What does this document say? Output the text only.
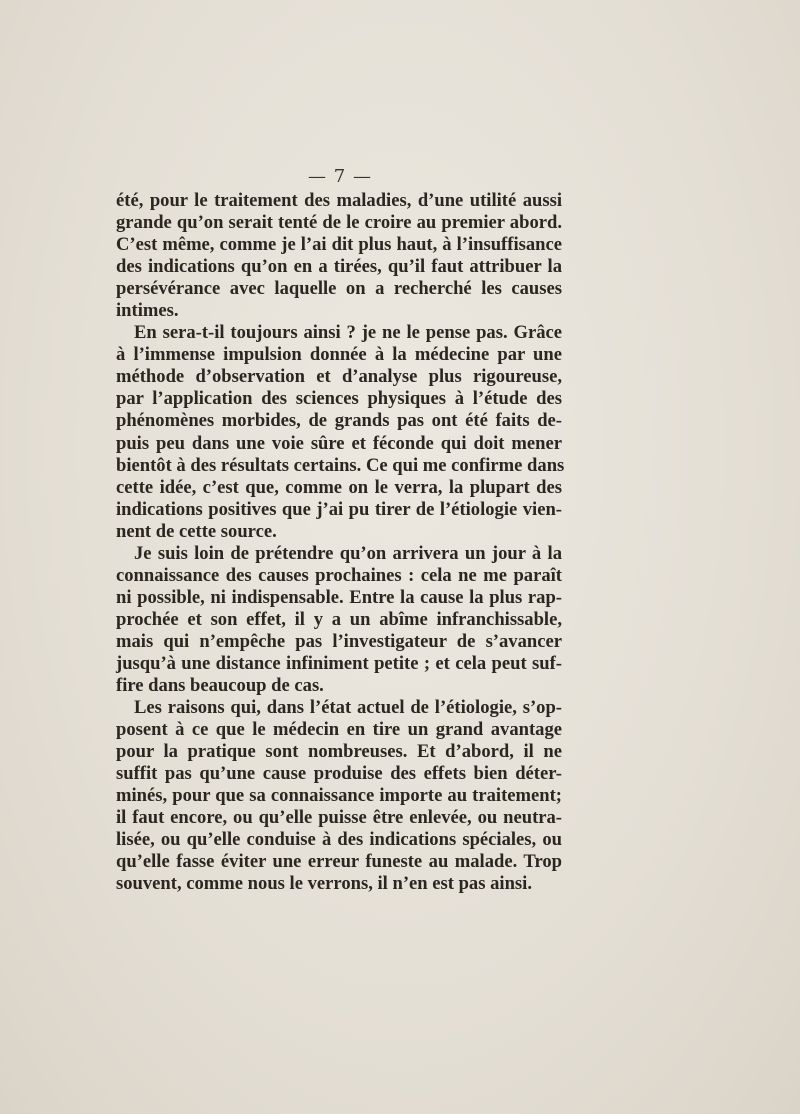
— 7 —

été, pour le traitement des maladies, d’une utilité aussi
grande qu’on serait tenté de le croire au premier abord.
C’est même, comme je l’ai dit plus haut, à l’insuffisance
des indications qu’on en a tirées, qu’il faut attribuer la
persévérance avec laquelle on a recherché les causes
intimes.

En sera-t-il toujours ainsi ? je ne le pense pas. Grâce
à l’immense impulsion donnée à la médecine par une
méthode d’observation et d’analyse plus rigoureuse,
par l’application des sciences physiques à l’étude des
phénomènes morbides, de grands pas ont été faits de-
puis peu dans une voie sûre et féconde qui doit mener
bientôt à des résultats certains. Ce qui me confirme dans
cette idée, c’est que, comme on le verra, la plupart des
indications positives que j’ai pu tirer de l’étiologie vien-
nent de cette source.

Je suis loin de prétendre qu’on arrivera un jour à la
connaissance des causes prochaines : cela ne me paraît
ni possible, ni indispensable. Entre la cause la plus rap-
prochée et son effet, il y a un abîme infranchissable,
mais qui n’empêche pas l’investigateur de s’avancer
jusqu’à une distance infiniment petite ; et cela peut suf-
fire dans beaucoup de cas.

Les raisons qui, dans l’état actuel de l’étiologie, s’op-
posent à ce que le médecin en tire un grand avantage
pour la pratique sont nombreuses. Et d’abord, il ne
suffit pas qu’une cause produise des effets bien déter-
minés, pour que sa connaissance importe au traitement;
il faut encore, ou qu’elle puisse être enlevée, ou neutra-
lisée, ou qu’elle conduise à des indications spéciales, ou
qu’elle fasse éviter une erreur funeste au malade. Trop
souvent, comme nous le verrons, il n’en est pas ainsi.
